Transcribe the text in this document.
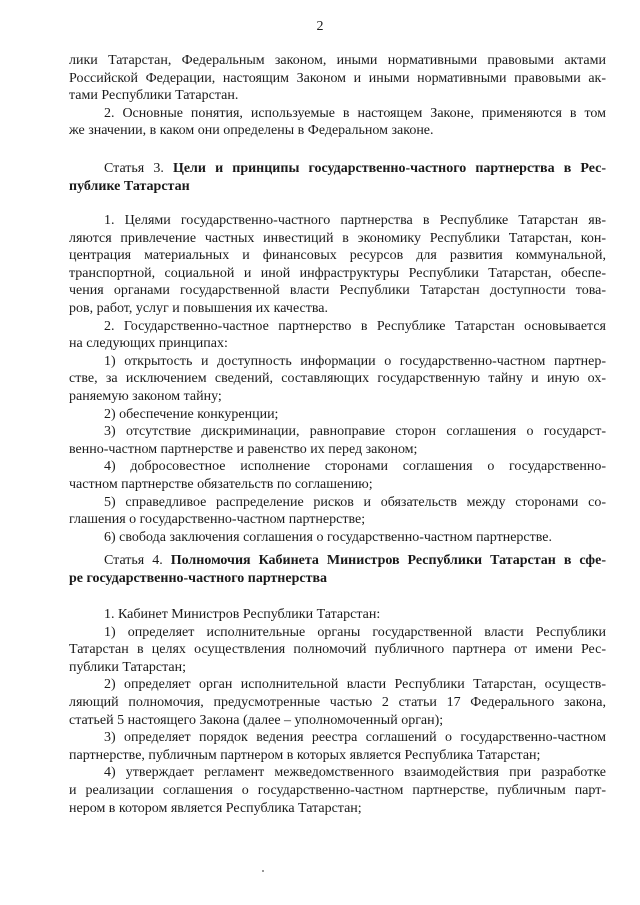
2
лики Татарстан, Федеральным законом, иными нормативными правовыми актами
Российской Федерации, настоящим Законом и иными нормативными правовыми ак-
тами Республики Татарстан.
2. Основные понятия, используемые в настоящем Законе, применяются в том
же значении, в каком они определены в Федеральном законе.
Статья 3. Цели и принципы государственно-частного партнерства в Рес-
публике Татарстан
1. Целями государственно-частного партнерства в Республике Татарстан яв-
ляются привлечение частных инвестиций в экономику Республики Татарстан, кон-
центрация материальных и финансовых ресурсов для развития коммунальной,
транспортной, социальной и иной инфраструктуры Республики Татарстан, обеспе-
чения органами государственной власти Республики Татарстан доступности това-
ров, работ, услуг и повышения их качества.
2. Государственно-частное партнерство в Республике Татарстан основывается
на следующих принципах:
1) открытость и доступность информации о государственно-частном партнер-
стве, за исключением сведений, составляющих государственную тайну и иную ох-
раняемую законом тайну;
2) обеспечение конкуренции;
3) отсутствие дискриминации, равноправие сторон соглашения о государст-
венно-частном партнерстве и равенство их перед законом;
4) добросовестное исполнение сторонами соглашения о государственно-
частном партнерстве обязательств по соглашению;
5) справедливое распределение рисков и обязательств между сторонами со-
глашения о государственно-частном партнерстве;
6) свобода заключения соглашения о государственно-частном партнерстве.
Статья 4. Полномочия Кабинета Министров Республики Татарстан в сфе-
ре государственно-частного партнерства
1. Кабинет Министров Республики Татарстан:
1) определяет исполнительные органы государственной власти Республики
Татарстан в целях осуществления полномочий публичного партнера от имени Рес-
публики Татарстан;
2) определяет орган исполнительной власти Республики Татарстан, осуществ-
ляющий полномочия, предусмотренные частью 2 статьи 17 Федерального закона,
статьей 5 настоящего Закона (далее – уполномоченный орган);
3) определяет порядок ведения реестра соглашений о государственно-частном
партнерстве, публичным партнером в которых является Республика Татарстан;
4) утверждает регламент межведомственного взаимодействия при разработке
и реализации соглашения о государственно-частном партнерстве, публичным парт-
нером в котором является Республика Татарстан;
